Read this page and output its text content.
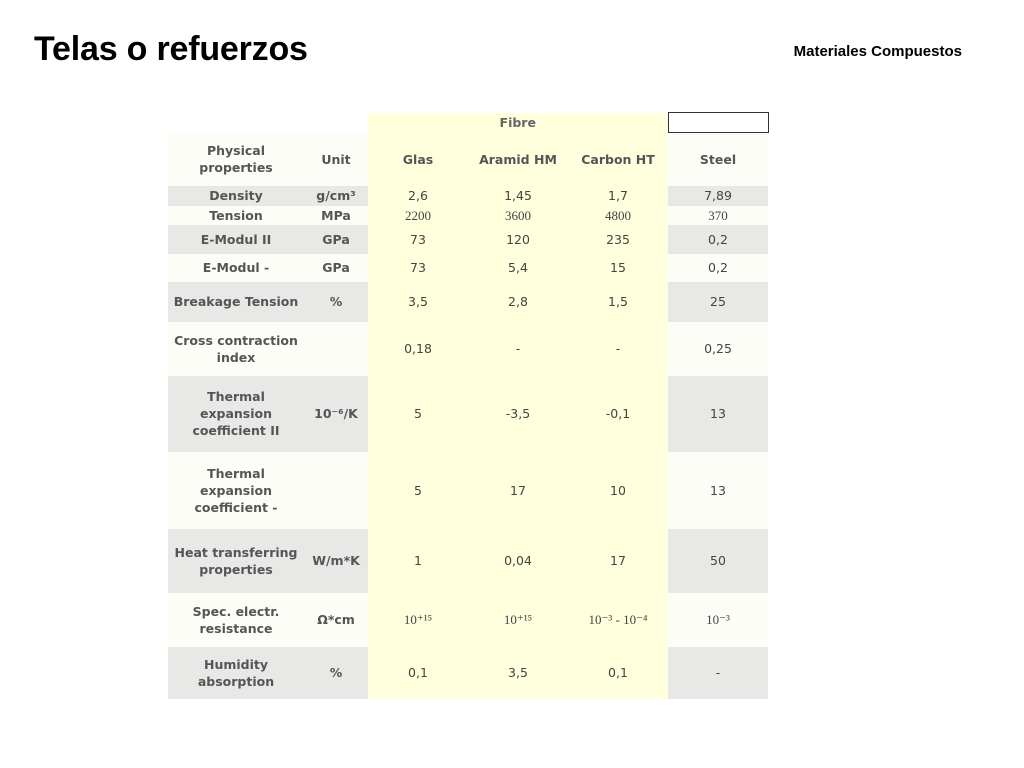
Telas o refuerzos	Materiales Compuestos
		Fibre			
Physical properties	Unit	Glas	Aramid HM	Carbon HT	Steel
Density	g/cm³	2,6	1,45	1,7	7,89
Tension	MPa	2200	3600	4800	370
E-Modul II	GPa	73	120	235	0,2
E-Modul -	GPa	73	5,4	15	0,2
Breakage Tension	%	3,5	2,8	1,5	25
Cross contraction index		0,18	-	-	0,25
Thermal expansion coefficient II	10⁻⁶/K	5	-3,5	-0,1	13
Thermal expansion coefficient -		5	17	10	13
Heat transferring properties	W/m*K	1	0,04	17	50
Spec. electr. resistance	Ω*cm	10⁺¹⁵	10⁺¹⁵	10⁻³ - 10⁻⁴	10⁻³
Humidity absorption	%	0,1	3,5	0,1	-
